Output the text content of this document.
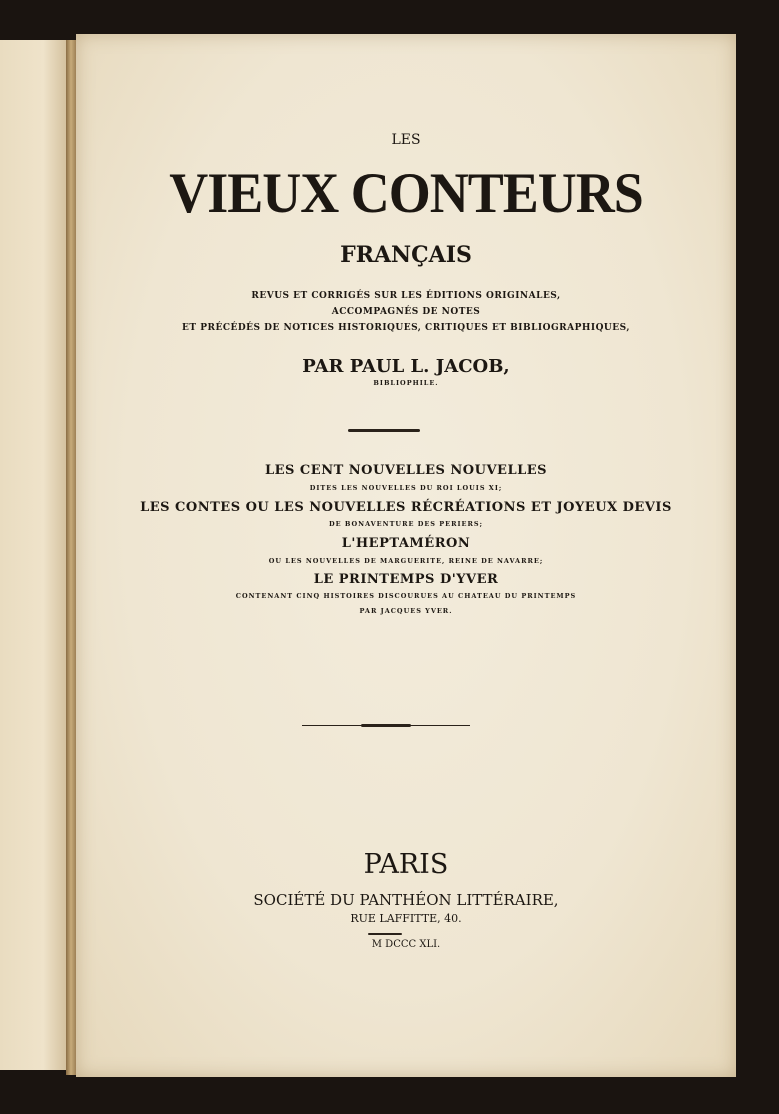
LES
VIEUX CONTEURS
FRANÇAIS
REVUS ET CORRIGÉS SUR LES ÉDITIONS ORIGINALES,
ACCOMPAGNÉS DE NOTES
ET PRÉCÉDÉS DE NOTICES HISTORIQUES, CRITIQUES ET BIBLIOGRAPHIQUES,
PAR PAUL L. JACOB,
BIBLIOPHILE.
LES CENT NOUVELLES NOUVELLES
DITES LES NOUVELLES DU ROI LOUIS XI;
LES CONTES OU LES NOUVELLES RÉCRÉATIONS ET JOYEUX DEVIS
DE BONAVENTURE DES PERIERS;
L'HEPTAMÉRON
OU LES NOUVELLES DE MARGUERITE, REINE DE NAVARRE;
LE PRINTEMPS D'YVER
CONTENANT CINQ HISTOIRES DISCOURUES AU CHATEAU DU PRINTEMPS
PAR JACQUES YVER.
PARIS
SOCIÉTÉ DU PANTHÉON LITTÉRAIRE,
RUE LAFFITTE, 40.
M DCCC XLI.
